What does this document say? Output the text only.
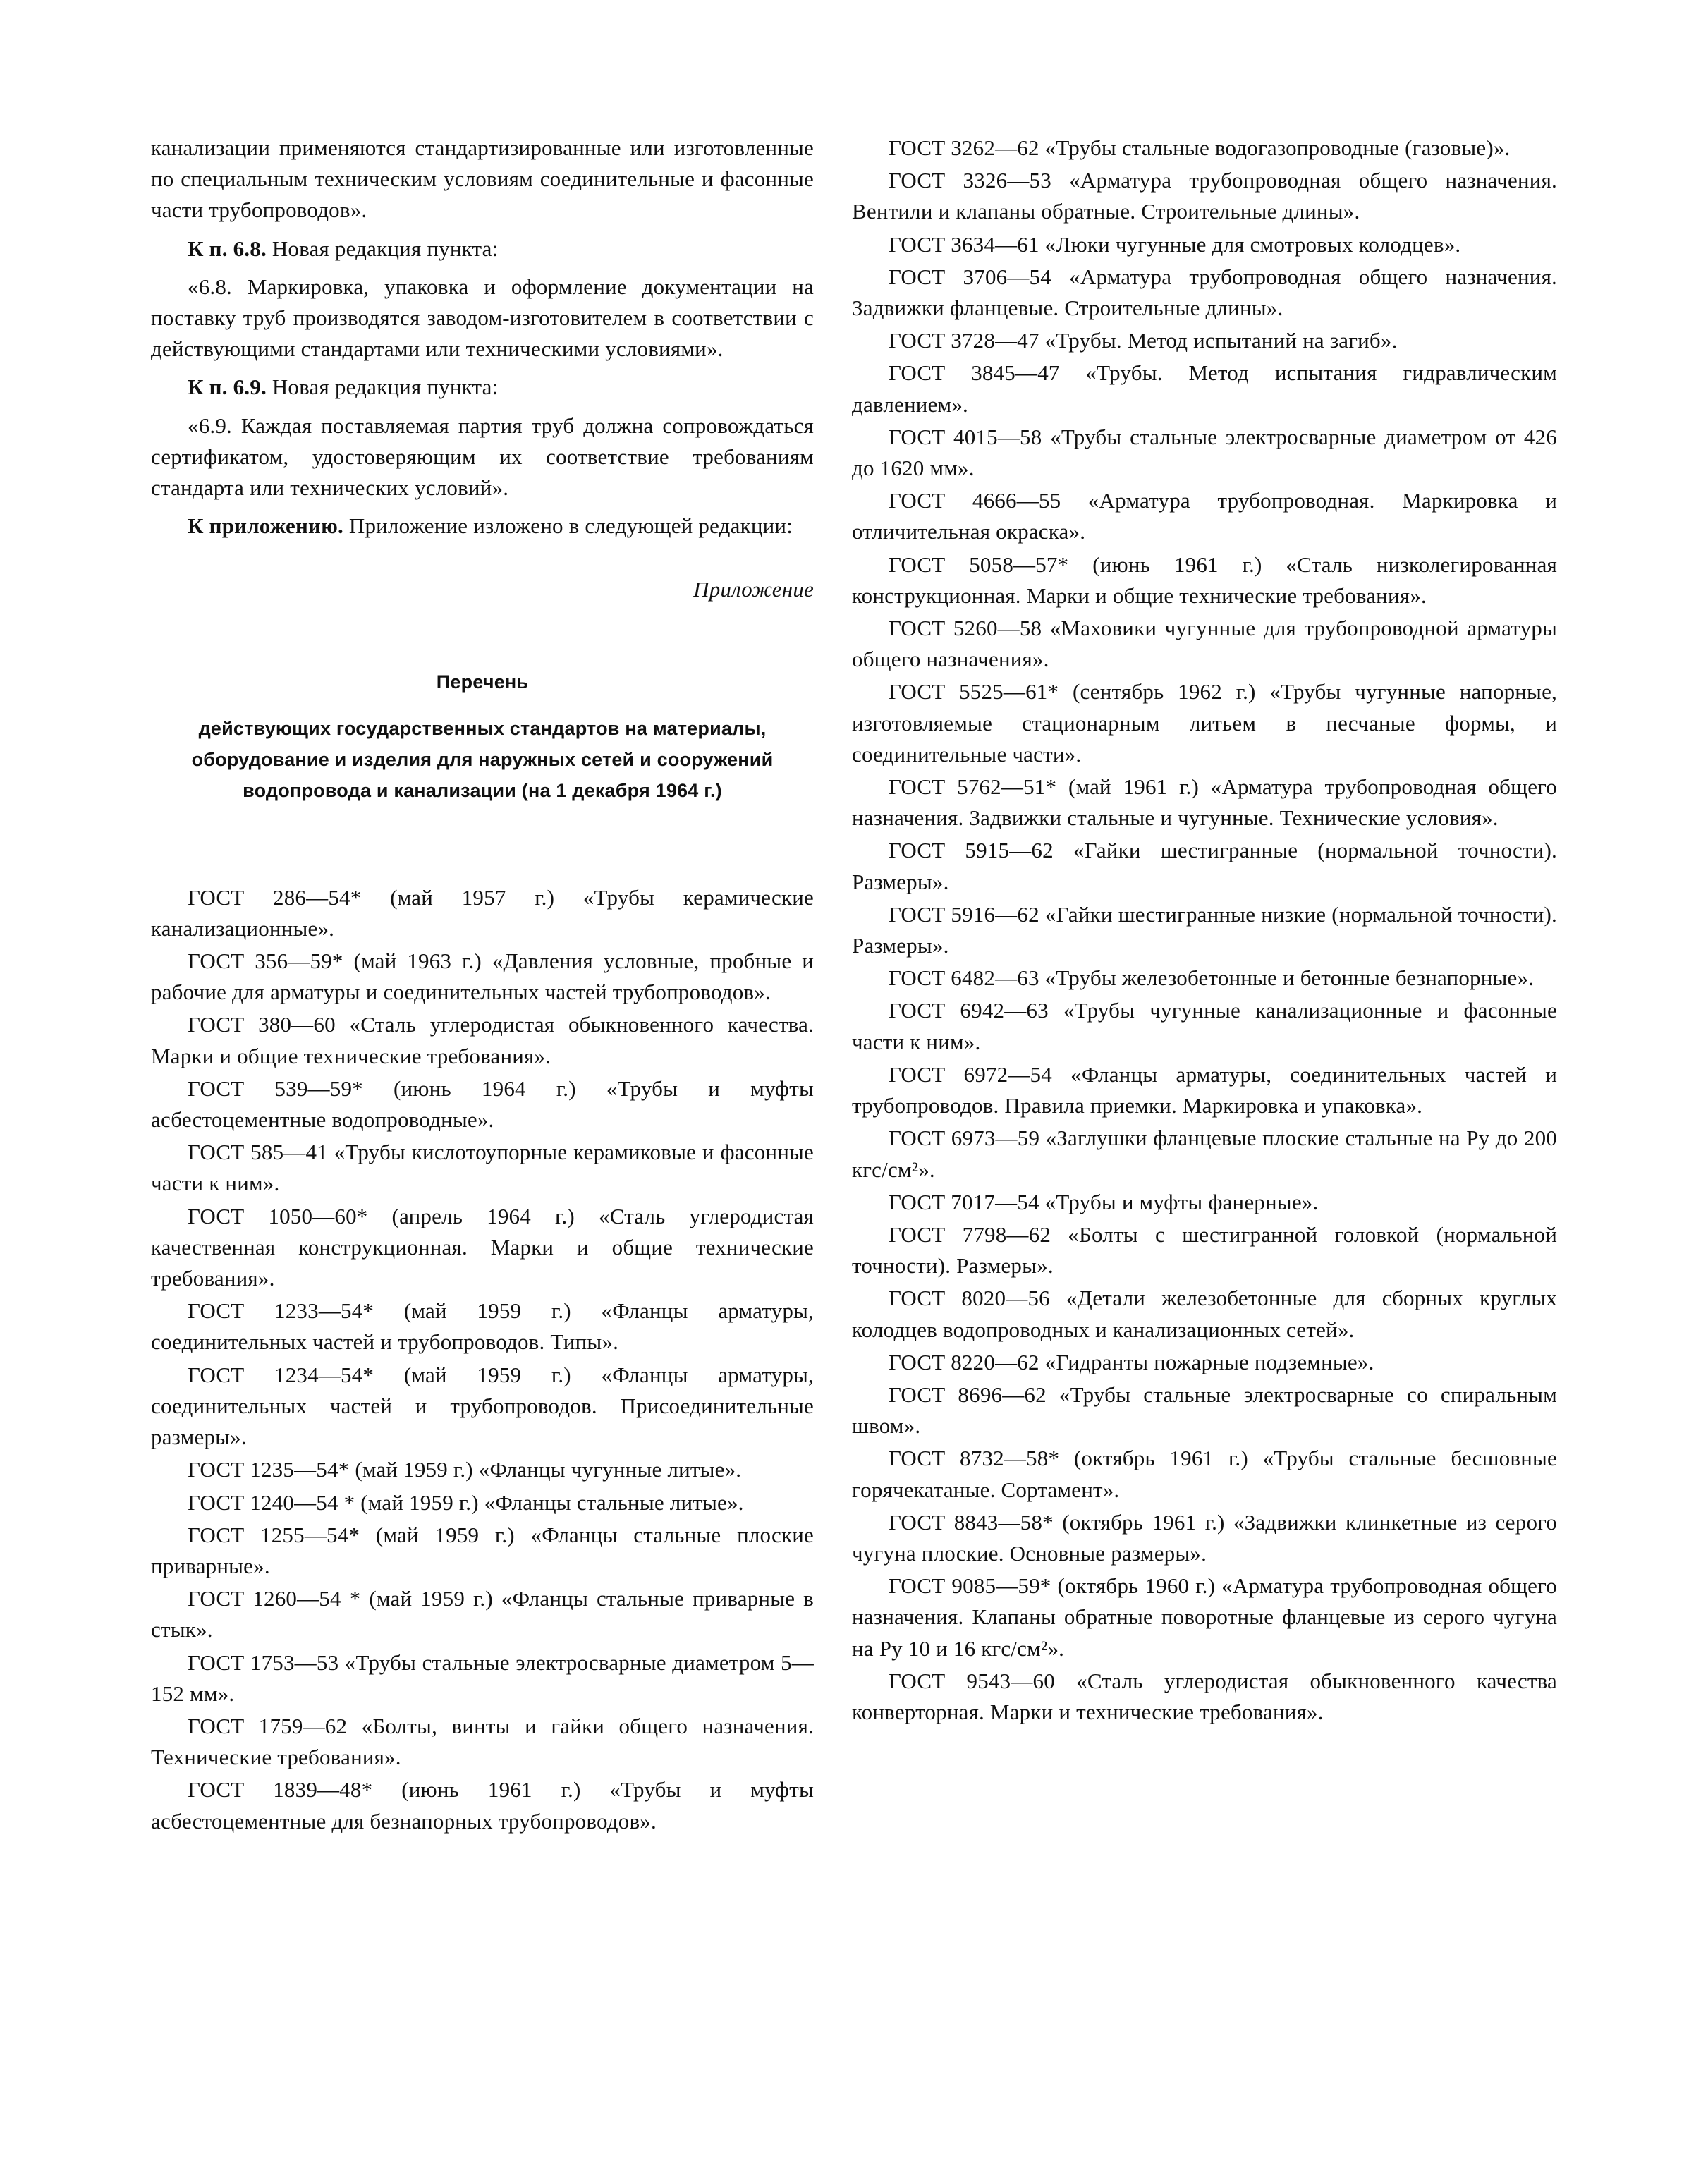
канализации применяются стандартизированные или изготовленные по специальным техническим условиям соединительные и фасонные части трубопроводов».

К п. 6.8. Новая редакция пункта:

«6.8. Маркировка, упаковка и оформление документации на поставку труб производятся заводом-изготовителем в соответствии с действующими стандартами или техническими условиями».

К п. 6.9. Новая редакция пункта:

«6.9. Каждая поставляемая партия труб должна сопровождаться сертификатом, удостоверяющим их соответствие требованиям стандарта или технических условий».

К приложению. Приложение изложено в следующей редакции:

Приложение

Перечень

действующих государственных стандартов на материалы, оборудование и изделия для наружных сетей и сооружений водопровода и канализации (на 1 декабря 1964 г.)

ГОСТ 286—54* (май 1957 г.) «Трубы керамические канализационные».

ГОСТ 356—59* (май 1963 г.) «Давления условные, пробные и рабочие для арматуры и соединительных частей трубопроводов».

ГОСТ 380—60 «Сталь углеродистая обыкновенного качества. Марки и общие технические требования».

ГОСТ 539—59* (июнь 1964 г.) «Трубы и муфты асбестоцементные водопроводные».

ГОСТ 585—41 «Трубы кислотоупорные керамиковые и фасонные части к ним».

ГОСТ 1050—60* (апрель 1964 г.) «Сталь углеродистая качественная конструкционная. Марки и общие технические требования».

ГОСТ 1233—54* (май 1959 г.) «Фланцы арматуры, соединительных частей и трубопроводов. Типы».

ГОСТ 1234—54* (май 1959 г.) «Фланцы арматуры, соединительных частей и трубопроводов. Присоединительные размеры».

ГОСТ 1235—54* (май 1959 г.) «Фланцы чугунные литые».

ГОСТ 1240—54 * (май 1959 г.) «Фланцы стальные литые».

ГОСТ 1255—54* (май 1959 г.) «Фланцы стальные плоские приварные».

ГОСТ 1260—54 * (май 1959 г.) «Фланцы стальные приварные в стык».

ГОСТ 1753—53 «Трубы стальные электросварные диаметром 5—152 мм».

ГОСТ 1759—62 «Болты, винты и гайки общего назначения. Технические требования».

ГОСТ 1839—48* (июнь 1961 г.) «Трубы и муфты асбестоцементные для безнапорных трубопроводов».

ГОСТ 3262—62 «Трубы стальные водогазопроводные (газовые)».

ГОСТ 3326—53 «Арматура трубопроводная общего назначения. Вентили и клапаны обратные. Строительные длины».

ГОСТ 3634—61 «Люки чугунные для смотровых колодцев».

ГОСТ 3706—54 «Арматура трубопроводная общего назначения. Задвижки фланцевые. Строительные длины».

ГОСТ 3728—47 «Трубы. Метод испытаний на загиб».

ГОСТ 3845—47 «Трубы. Метод испытания гидравлическим давлением».

ГОСТ 4015—58 «Трубы стальные электросварные диаметром от 426 до 1620 мм».

ГОСТ 4666—55 «Арматура трубопроводная. Маркировка и отличительная окраска».

ГОСТ 5058—57* (июнь 1961 г.) «Сталь низколегированная конструкционная. Марки и общие технические требования».

ГОСТ 5260—58 «Маховики чугунные для трубопроводной арматуры общего назначения».

ГОСТ 5525—61* (сентябрь 1962 г.) «Трубы чугунные напорные, изготовляемые стационарным литьем в песчаные формы, и соединительные части».

ГОСТ 5762—51* (май 1961 г.) «Арматура трубопроводная общего назначения. Задвижки стальные и чугунные. Технические условия».

ГОСТ 5915—62 «Гайки шестигранные (нормальной точности). Размеры».

ГОСТ 5916—62 «Гайки шестигранные низкие (нормальной точности). Размеры».

ГОСТ 6482—63 «Трубы железобетонные и бетонные безнапорные».

ГОСТ 6942—63 «Трубы чугунные канализационные и фасонные части к ним».

ГОСТ 6972—54 «Фланцы арматуры, соединительных частей и трубопроводов. Правила приемки. Маркировка и упаковка».

ГОСТ 6973—59 «Заглушки фланцевые плоские стальные на Pу до 200 кгс/см²».

ГОСТ 7017—54 «Трубы и муфты фанерные».

ГОСТ 7798—62 «Болты с шестигранной головкой (нормальной точности). Размеры».

ГОСТ 8020—56 «Детали железобетонные для сборных круглых колодцев водопроводных и канализационных сетей».

ГОСТ 8220—62 «Гидранты пожарные подземные».

ГОСТ 8696—62 «Трубы стальные электросварные со спиральным швом».

ГОСТ 8732—58* (октябрь 1961 г.) «Трубы стальные бесшовные горячекатаные. Сортамент».

ГОСТ 8843—58* (октябрь 1961 г.) «Задвижки клинкетные из серого чугуна плоские. Основные размеры».

ГОСТ 9085—59* (октябрь 1960 г.) «Арматура трубопроводная общего назначения. Клапаны обратные поворотные фланцевые из серого чугуна на Pу 10 и 16 кгс/см²».

ГОСТ 9543—60 «Сталь углеродистая обыкновенного качества конверторная. Марки и технические требования».
